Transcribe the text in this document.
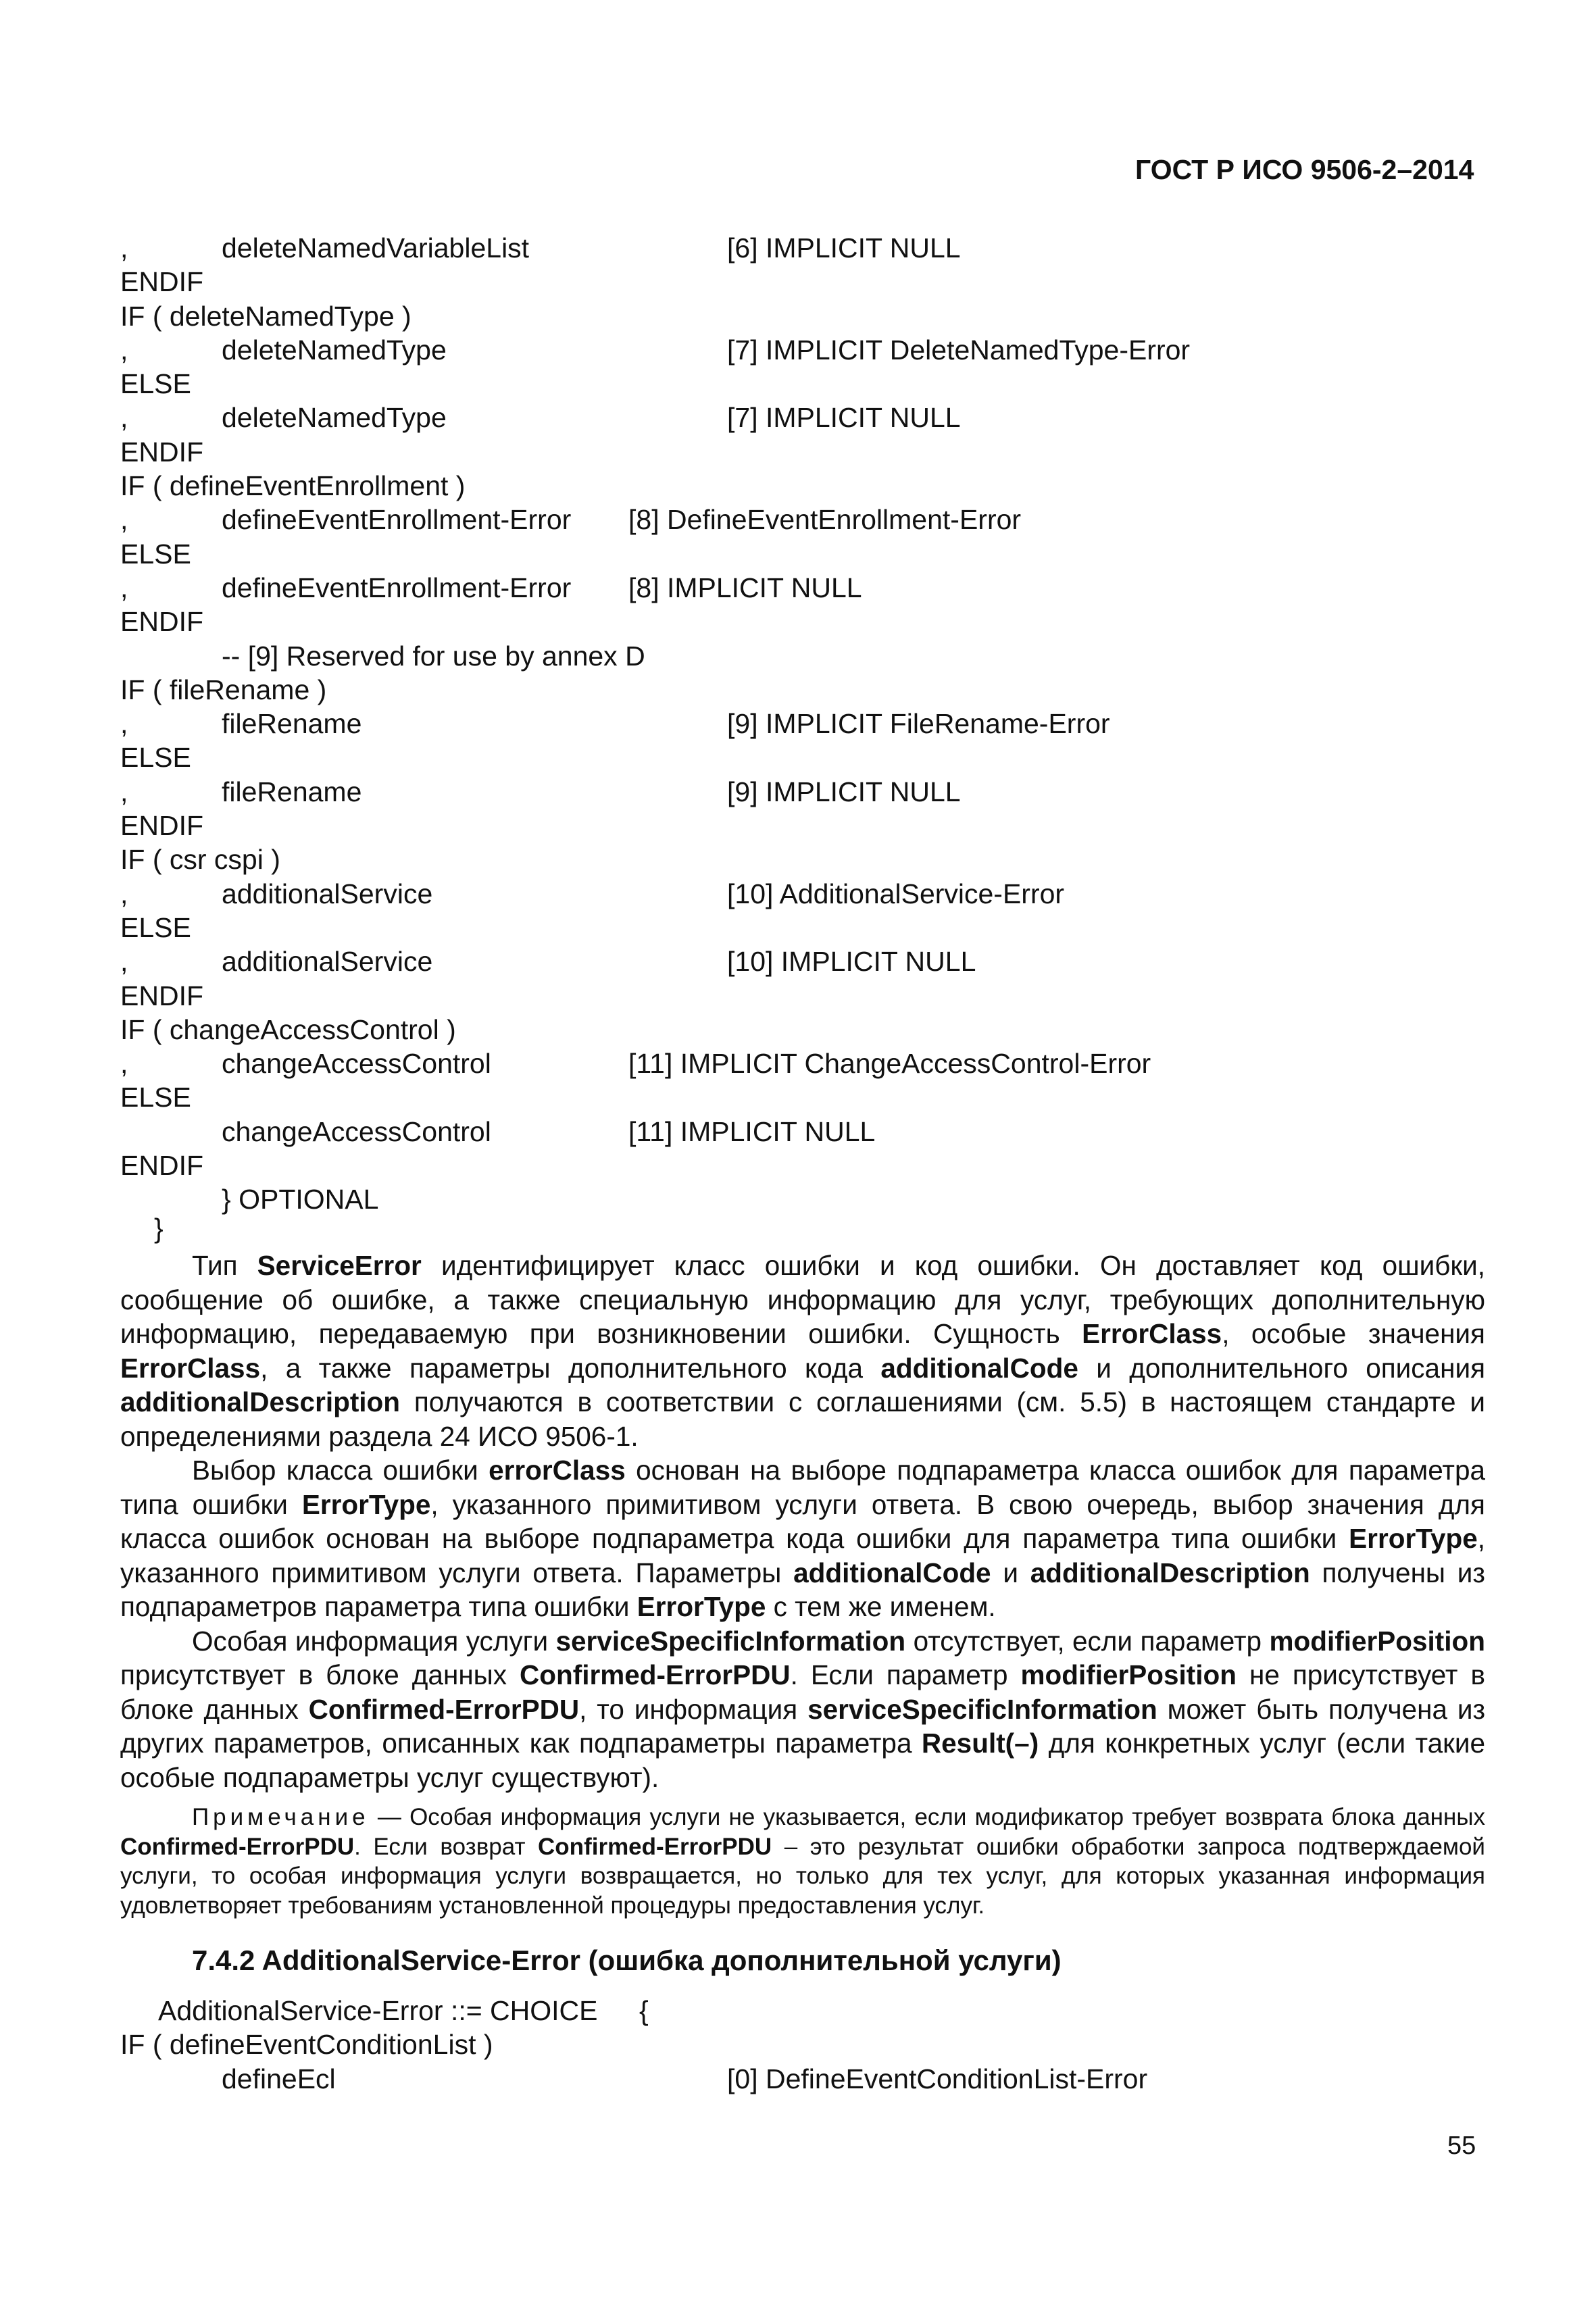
ГОСТ Р ИСО 9506-2–2014
,	deleteNamedVariableList	[6] IMPLICIT NULL
ENDIF
IF ( deleteNamedType )
,	deleteNamedType	[7] IMPLICIT DeleteNamedType-Error
ELSE
,	deleteNamedType	[7] IMPLICIT NULL
ENDIF
IF ( defineEventEnrollment )
,	defineEventEnrollment-Error [8] DefineEventEnrollment-Error
ELSE
,	defineEventEnrollment-Error [8] IMPLICIT NULL
ENDIF
-- [9] Reserved for use by annex D
IF ( fileRename )
,	fileRename	[9] IMPLICIT FileRename-Error
ELSE
,	fileRename	[9] IMPLICIT NULL
ENDIF
IF ( csr cspi )
,	additionalService	[10] AdditionalService-Error
ELSE
,	additionalService	[10] IMPLICIT NULL
ENDIF
IF ( changeAccessControl )
,	changeAccessControl	[11] IMPLICIT ChangeAccessControl-Error
ELSE
changeAccessControl	[11] IMPLICIT NULL
ENDIF
} OPTIONAL

}

Тип ServiceError идентифицирует класс ошибки и код ошибки. Он доставляет код ошибки, сообщение об ошибке, а также специальную информацию для услуг, требующих дополнительную информацию, передаваемую при возникновении ошибки. Сущность ErrorClass, особые значения ErrorClass, а также параметры дополнительного кода additionalCode и дополнительного описания additionalDescription получаются в соответствии с соглашениями (см. 5.5) в настоящем стандарте и определениями раздела 24 ИСО 9506-1.

Выбор класса ошибки errorClass основан на выборе подпараметра класса ошибок для параметра типа ошибки ErrorType, указанного примитивом услуги ответа. В свою очередь, выбор значения для класса ошибок основан на выборе подпараметра кода ошибки для параметра типа ошибки ErrorType, указанного примитивом услуги ответа. Параметры additionalCode и additionalDescription получены из подпараметров параметра типа ошибки ErrorType с тем же именем.

Особая информация услуги serviceSpecificInformation отсутствует, если параметр modifierPosition присутствует в блоке данных Confirmed-ErrorPDU. Если параметр modifierPosition не присутствует в блоке данных Confirmed-ErrorPDU, то информация serviceSpecificInformation может быть получена из других параметров, описанных как подпараметры параметра Result(–) для конкретных услуг (если такие особые подпараметры услуг существуют).

Примечание — Особая информация услуги не указывается, если модификатор требует возврата блока данных Confirmed-ErrorPDU. Если возврат Confirmed-ErrorPDU – это результат ошибки обработки запроса подтверждаемой услуги, то особая информация услуги возвращается, но только для тех услуг, для которых указанная информация удовлетворяет требованиям установленной процедуры предоставления услуг.

7.4.2 AdditionalService-Error (ошибка дополнительной услуги)

AdditionalService-Error ::= CHOICE

{

IF ( defineEventConditionList )
defineEcl	[0] DefineEventConditionList-Error
55
